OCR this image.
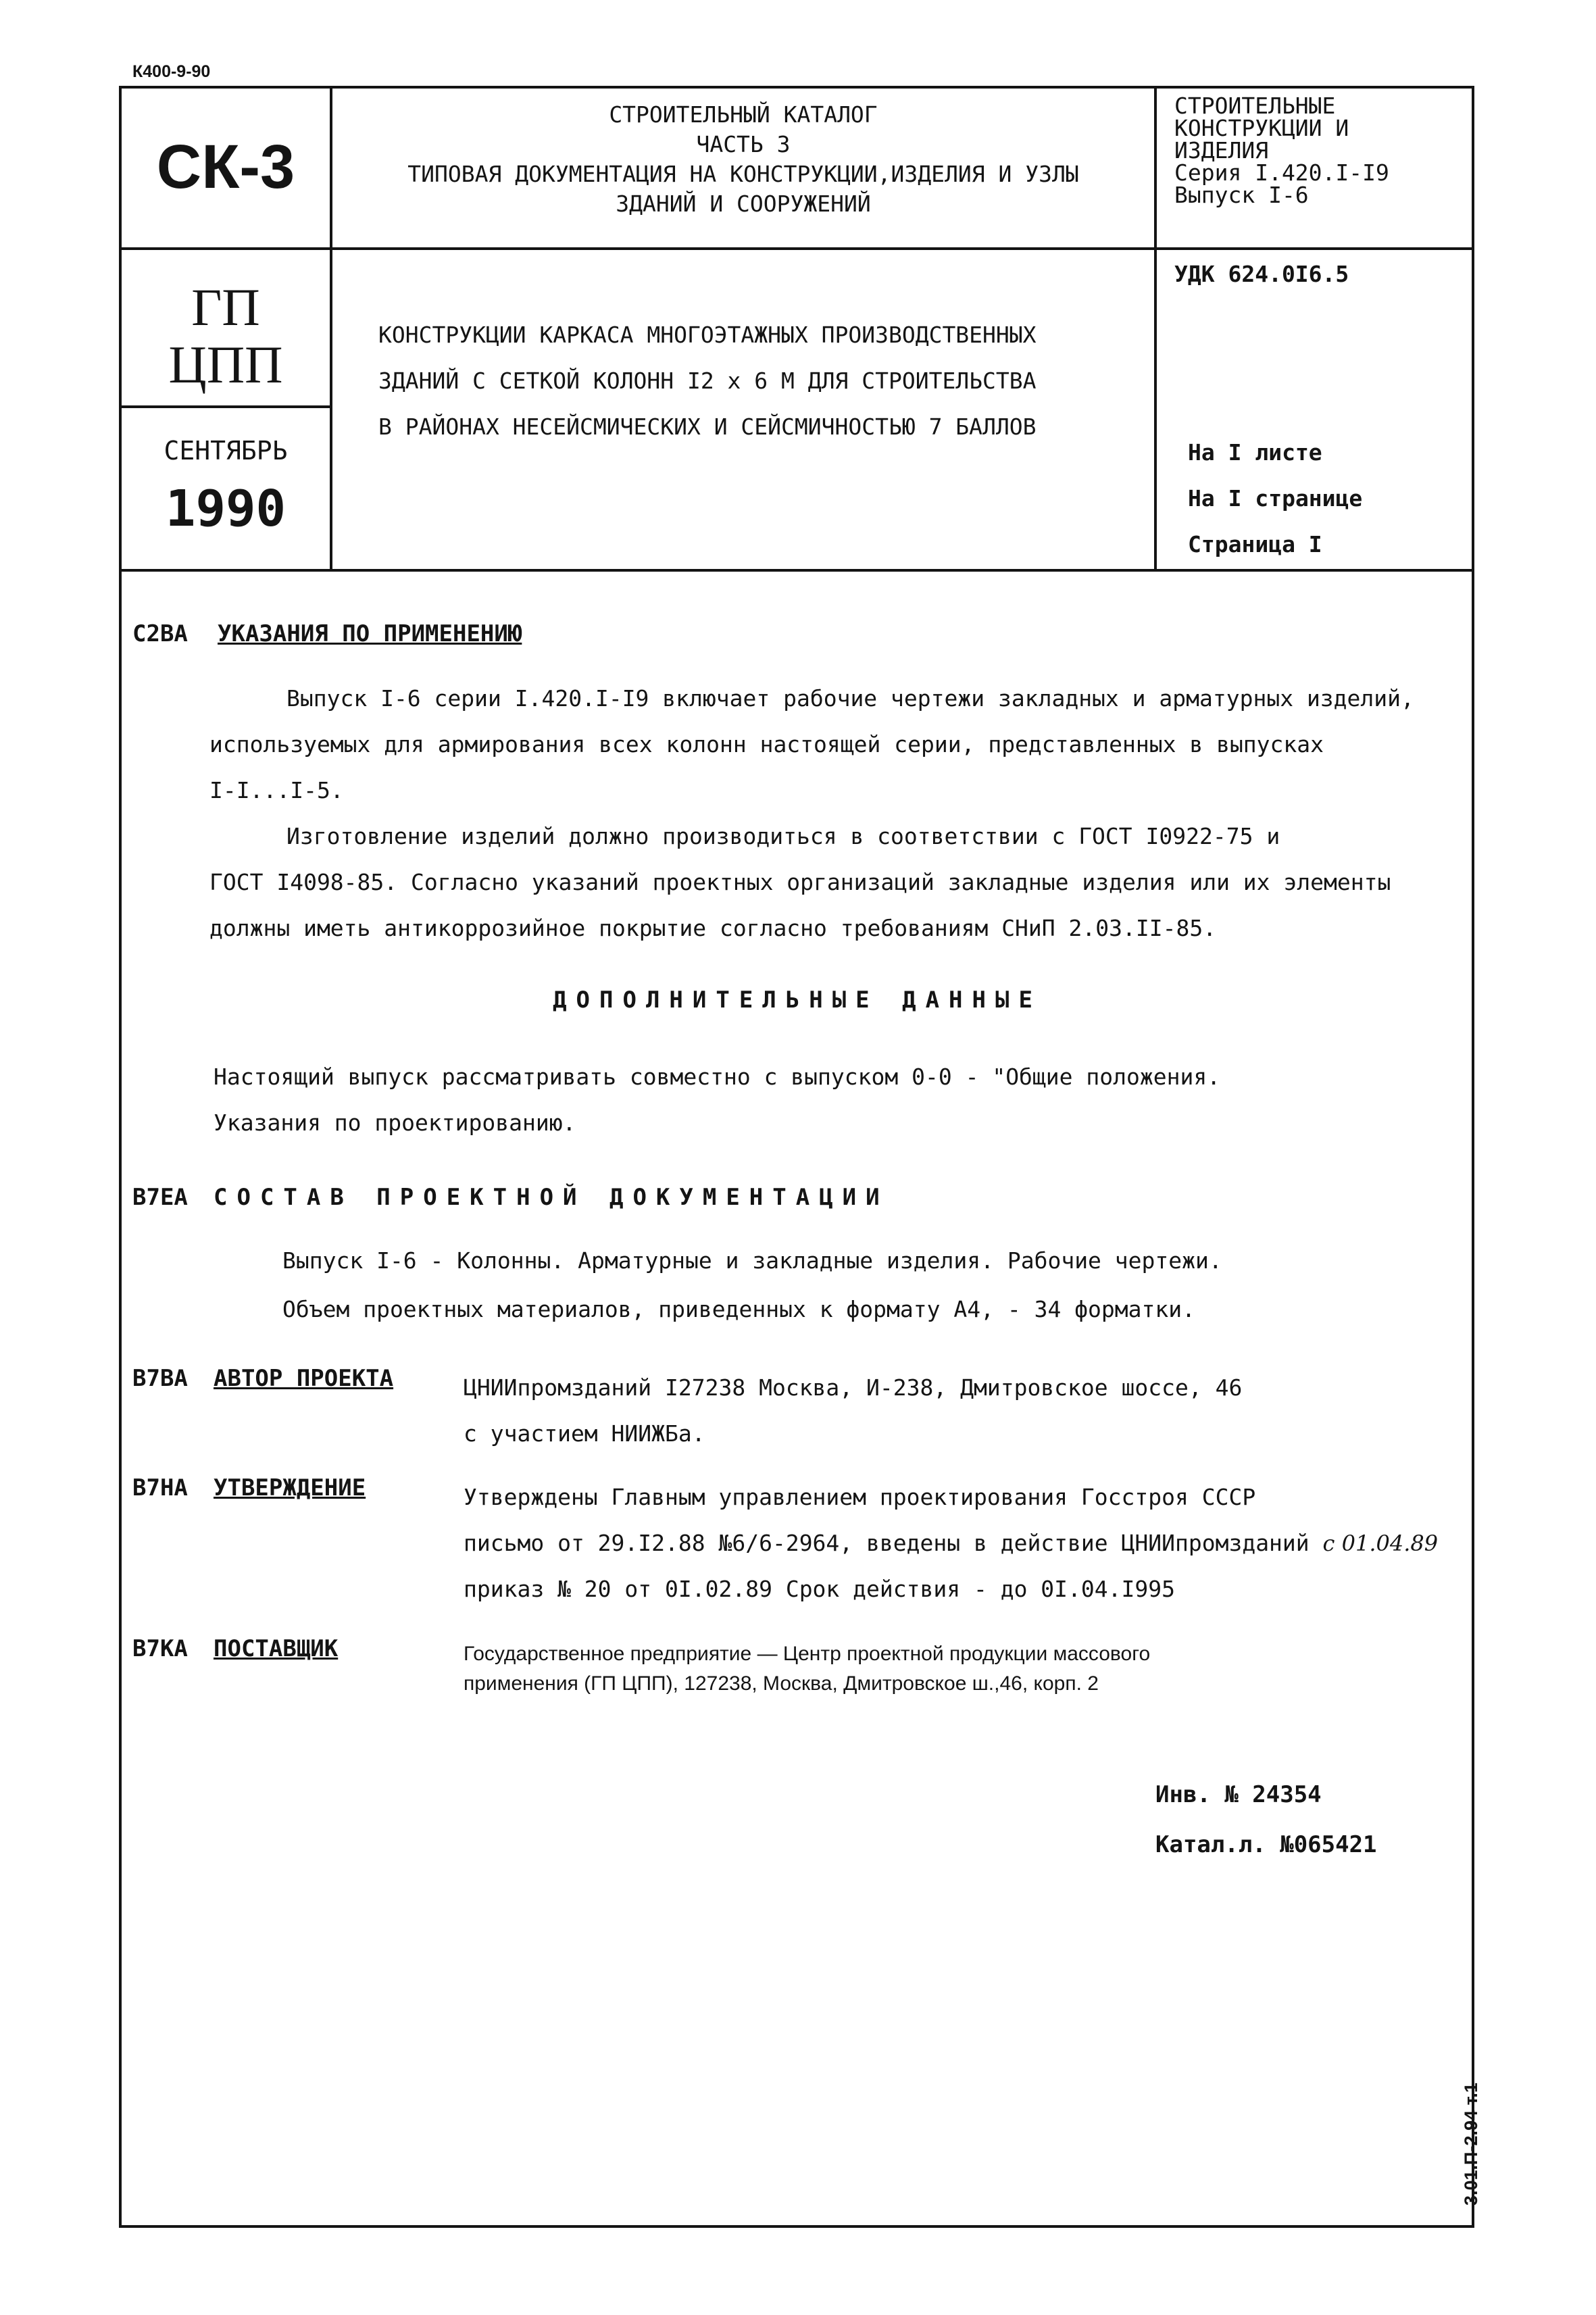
К400-9-90
СК-3
ГП
ЦПП
СЕНТЯБРЬ
1990
СТРОИТЕЛЬНЫЙ КАТАЛОГ
ЧАСТЬ 3
ТИПОВАЯ ДОКУМЕНТАЦИЯ НА КОНСТРУКЦИИ,ИЗДЕЛИЯ И УЗЛЫ
ЗДАНИЙ И СООРУЖЕНИЙ
КОНСТРУКЦИИ КАРКАСА МНОГОЭТАЖНЫХ ПРОИЗВОДСТВЕННЫХ
ЗДАНИЙ С СЕТКОЙ КОЛОНН I2 х 6 М ДЛЯ СТРОИТЕЛЬСТВА
В РАЙОНАХ НЕСЕЙСМИЧЕСКИХ И СЕЙСМИЧНОСТЬЮ 7 БАЛЛОВ
СТРОИТЕЛЬНЫЕ
КОНСТРУКЦИИ И
ИЗДЕЛИЯ
Серия I.420.I-I9
Выпуск I-6
УДК 624.0I6.5
На I листе
На I странице
Страница I
С2ВА УКАЗАНИЯ ПО ПРИМЕНЕНИЮ
Выпуск I-6 серии I.420.I-I9 включает рабочие чертежи закладных и арматурных изделий,
используемых для армирования всех колонн настоящей серии, представленных в выпусках
I-I...I-5.
Изготовление изделий должно производиться в соответствии с ГОСТ I0922-75 и
ГОСТ I4098-85. Согласно указаний проектных организаций закладные изделия или их элементы
должны иметь антикоррозийное покрытие согласно требованиям СНиП 2.03.II-85.
ДОПОЛНИТЕЛЬНЫЕ ДАННЫЕ
Настоящий выпуск рассматривать совместно с выпуском 0-0 - "Общие положения.
Указания по проектированию.
В7ЕА СОСТАВ ПРОЕКТНОЙ ДОКУМЕНТАЦИИ
Выпуск I-6 - Колонны. Арматурные и закладные изделия. Рабочие чертежи.
Объем проектных материалов, приведенных к формату А4, - 34 форматки.
В7ВА АВТОР ПРОЕКТА	ЦНИИпромзданий I27238 Москва, И-238, Дмитровское шоссе, 46
с участием НИИЖБа.
В7НА УТВЕРЖДЕНИЕ	Утверждены Главным управлением проектирования Госстроя СССР
письмо от 29.I2.88 №6/6-2964, введены в действие ЦНИИпромзданий с 01.04.89
приказ № 20 от 0I.02.89 Срок действия - до 0I.04.I995
В7КА ПОСТАВЩИК	Государственное предприятие — Центр проектной продукции массового
применения (ГП ЦПП), 127238, Москва, Дмитровское ш.,46, корп. 2
Инв. № 24354
Катал.л. №065421
3.01.П-2.94 т.1
